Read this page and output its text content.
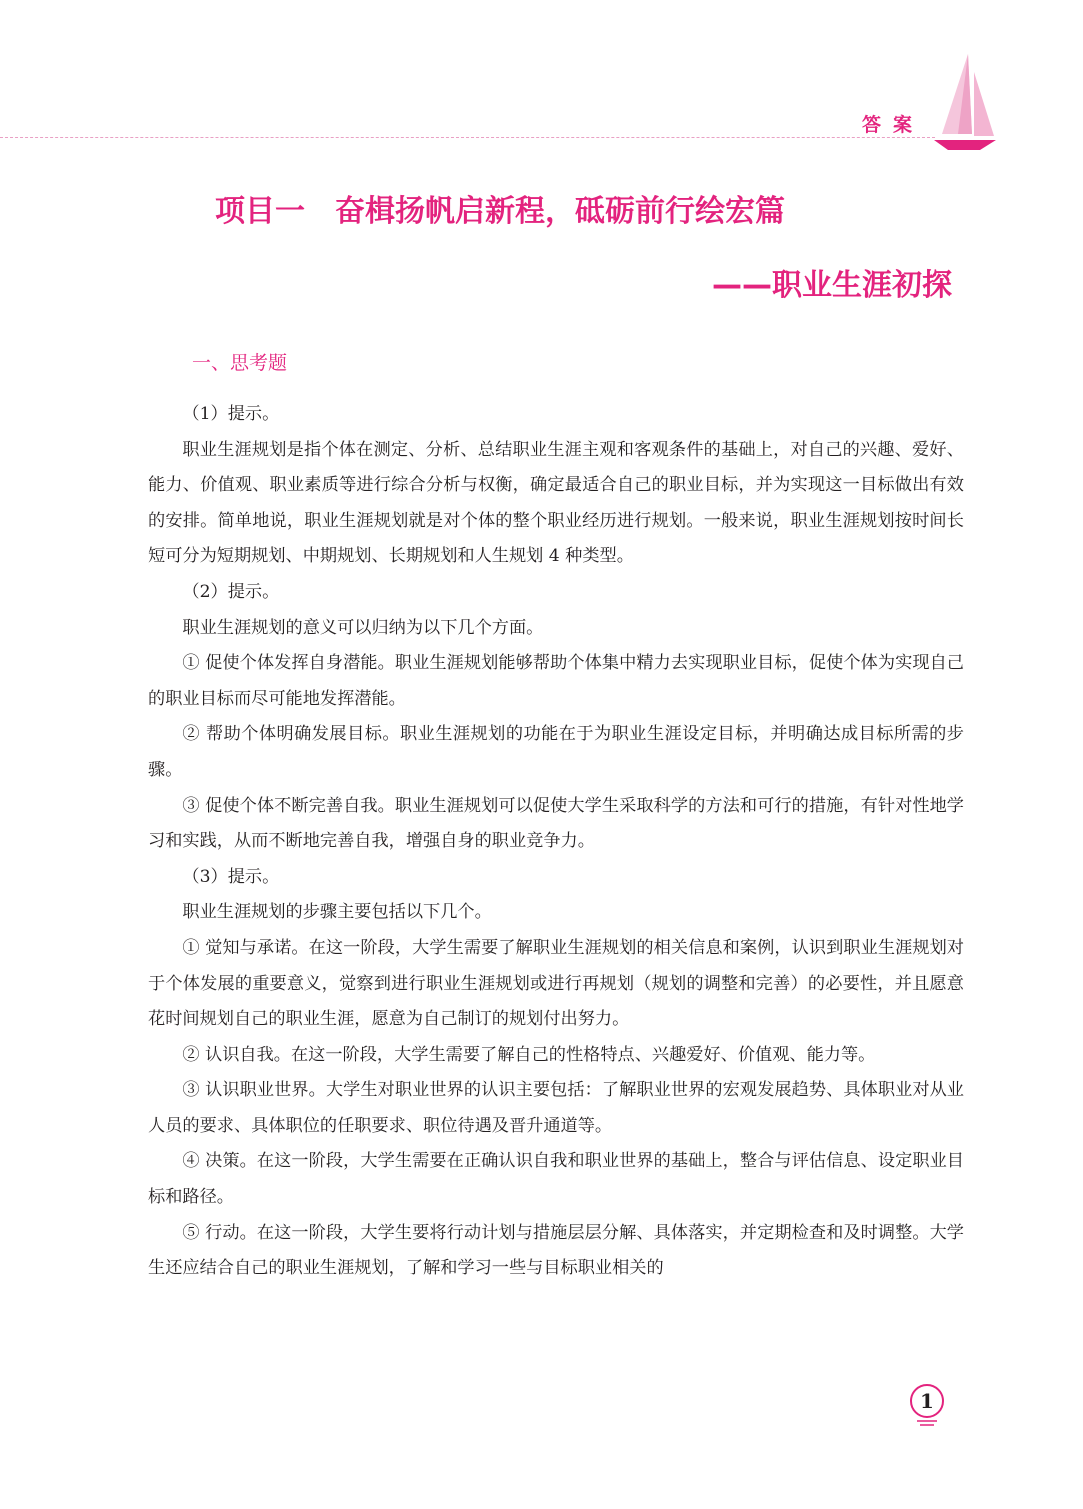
答案
项目一　奋楫扬帆启新程，砥砺前行绘宏篇
——职业生涯初探
一、思考题

（1）提示。

职业生涯规划是指个体在测定、分析、总结职业生涯主观和客观条件的基础上，对自己的兴趣、爱好、能力、价值观、职业素质等进行综合分析与权衡，确定最适合自己的职业目标，并为实现这一目标做出有效的安排。简单地说，职业生涯规划就是对个体的整个职业经历进行规划。一般来说，职业生涯规划按时间长短可分为短期规划、中期规划、长期规划和人生规划 4 种类型。

（2）提示。

职业生涯规划的意义可以归纳为以下几个方面。

① 促使个体发挥自身潜能。职业生涯规划能够帮助个体集中精力去实现职业目标，促使个体为实现自己的职业目标而尽可能地发挥潜能。

② 帮助个体明确发展目标。职业生涯规划的功能在于为职业生涯设定目标，并明确达成目标所需的步骤。

③ 促使个体不断完善自我。职业生涯规划可以促使大学生采取科学的方法和可行的措施，有针对性地学习和实践，从而不断地完善自我，增强自身的职业竞争力。

（3）提示。

职业生涯规划的步骤主要包括以下几个。

① 觉知与承诺。在这一阶段，大学生需要了解职业生涯规划的相关信息和案例，认识到职业生涯规划对于个体发展的重要意义，觉察到进行职业生涯规划或进行再规划（规划的调整和完善）的必要性，并且愿意花时间规划自己的职业生涯，愿意为自己制订的规划付出努力。

② 认识自我。在这一阶段，大学生需要了解自己的性格特点、兴趣爱好、价值观、能力等。

③ 认识职业世界。大学生对职业世界的认识主要包括：了解职业世界的宏观发展趋势、具体职业对从业人员的要求、具体职位的任职要求、职位待遇及晋升通道等。

④ 决策。在这一阶段，大学生需要在正确认识自我和职业世界的基础上，整合与评估信息、设定职业目标和路径。

⑤ 行动。在这一阶段，大学生要将行动计划与措施层层分解、具体落实，并定期检查和及时调整。大学生还应结合自己的职业生涯规划，了解和学习一些与目标职业相关的

1
